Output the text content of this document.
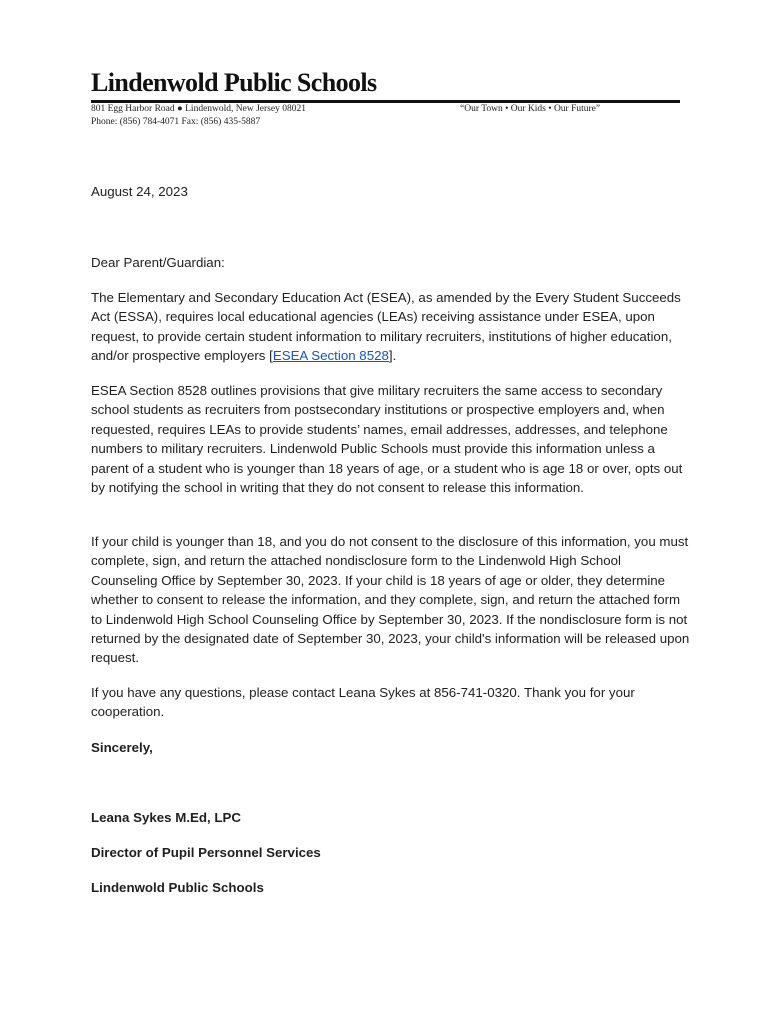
Lindenwold Public Schools
801 Egg Harbor Road ● Lindenwold, New Jersey 08021
Phone: (856) 784-4071 Fax: (856) 435-5887
“Our Town • Our Kids • Our Future”
August 24, 2023
Dear Parent/Guardian:
The Elementary and Secondary Education Act (ESEA), as amended by the Every Student Succeeds Act (ESSA), requires local educational agencies (LEAs) receiving assistance under ESEA, upon request, to provide certain student information to military recruiters, institutions of higher education, and/or prospective employers [ESEA Section 8528].
ESEA Section 8528 outlines provisions that give military recruiters the same access to secondary school students as recruiters from postsecondary institutions or prospective employers and, when requested, requires LEAs to provide students’ names, email addresses, addresses, and telephone numbers to military recruiters. Lindenwold Public Schools must provide this information unless a parent of a student who is younger than 18 years of age, or a student who is age 18 or over, opts out by notifying the school in writing that they do not consent to release this information.
If your child is younger than 18, and you do not consent to the disclosure of this information, you must complete, sign, and return the attached nondisclosure form to the Lindenwold High School Counseling Office by September 30, 2023. If your child is 18 years of age or older, they determine whether to consent to release the information, and they complete, sign, and return the attached form to Lindenwold High School Counseling Office by September 30, 2023. If the nondisclosure form is not returned by the designated date of September 30, 2023, your child's information will be released upon request.
If you have any questions, please contact Leana Sykes at 856-741-0320. Thank you for your cooperation.
Sincerely,
Leana Sykes M.Ed, LPC
Director of Pupil Personnel Services
Lindenwold Public Schools
